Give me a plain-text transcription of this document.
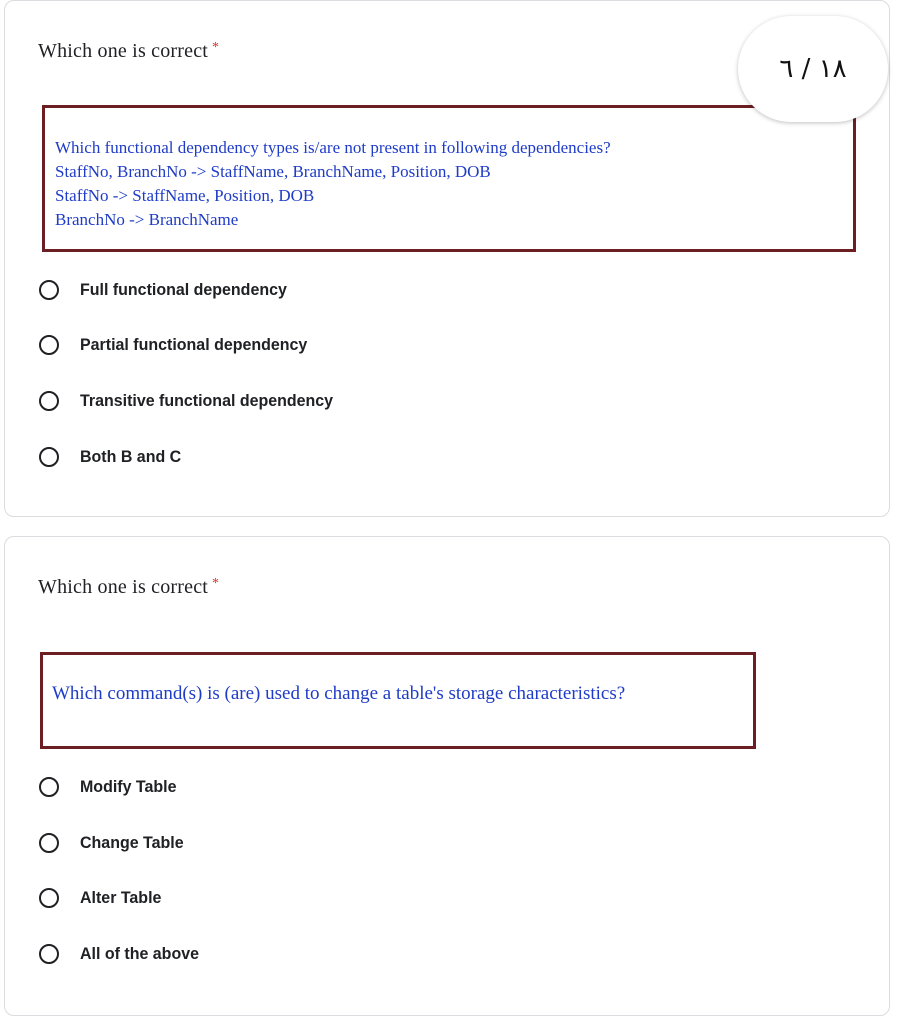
Which one is correct *
Which functional dependency types is/are not present in following dependencies?
StaffNo, BranchNo -> StaffName, BranchName, Position, DOB
StaffNo -> StaffName, Position, DOB
BranchNo -> BranchName
Full functional dependency
Partial functional dependency
Transitive functional dependency
Both B and C
Which one is correct *
Which command(s) is (are) used to change a table's storage characteristics?
Modify Table
Change Table
Alter Table
All of the above
١٨ / ٦
